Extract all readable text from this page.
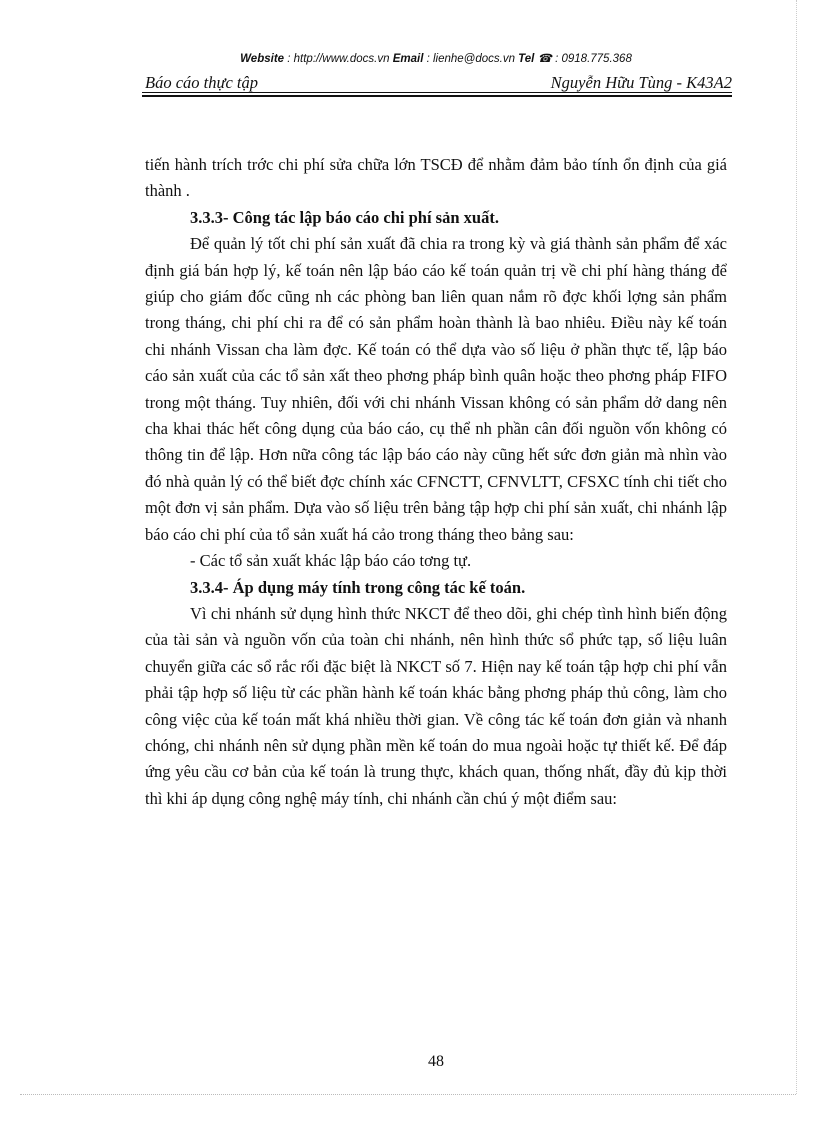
Website : http://www.docs.vn Email : lienhe@docs.vn Tel ☎ : 0918.775.368
Báo cáo thực tập	Nguyễn Hữu Tùng - K43A2

tiến hành trích trớc chi phí sửa chữa lớn TSCĐ để nhằm đảm bảo tính ổn định của giá thành .

3.3.3- Công tác lập báo cáo chi phí sản xuất.

Để quản lý tốt chi phí sản xuất đã chia ra trong kỳ và giá thành sản phẩm để xác định giá bán hợp lý, kế toán nên lập báo cáo kế toán quản trị về chi phí hàng tháng để giúp cho giám đốc cũng nh các phòng ban liên quan nắm rõ đợc khối lợng sản phẩm trong tháng, chi phí chi ra để có sản phẩm hoàn thành là bao nhiêu. Điều này kế toán chi nhánh Vissan cha làm đợc. Kế toán có thể dựa vào số liệu ở phần thực tế, lập báo cáo sản xuất của các tổ sản xất theo phơng pháp bình quân hoặc theo phơng pháp FIFO trong một tháng. Tuy nhiên, đối với chi nhánh Vissan không có sản phẩm dở dang nên cha khai thác hết công dụng của báo cáo, cụ thể nh phần cân đối nguồn vốn không có thông tin để lập. Hơn nữa công tác lập báo cáo này cũng hết sức đơn giản mà nhìn vào đó nhà quản lý có thể biết đợc chính xác CFNCTT, CFNVLTT, CFSXC tính chi tiết cho một đơn vị sản phẩm. Dựa vào số liệu trên bảng tập hợp chi phí sản xuất, chi nhánh lập báo cáo chi phí của tổ sản xuất há cảo trong tháng theo bảng sau:

- Các tổ sản xuất khác lập báo cáo tơng tự.

3.3.4- Áp dụng máy tính trong công tác kế toán.

Vì chi nhánh sử dụng hình thức NKCT để theo dõi, ghi chép tình hình biến động của tài sản và nguồn vốn của toàn chi nhánh, nên hình thức sổ phức tạp, số liệu luân chuyển giữa các sổ rắc rối đặc biệt là NKCT số 7. Hiện nay kế toán tập hợp chi phí vẫn phải tập hợp số liệu từ các phần hành kế toán khác bằng phơng pháp thủ công, làm cho công việc của kế toán mất khá nhiều thời gian. Về công tác kế toán đơn giản và nhanh chóng, chi nhánh nên sử dụng phần mền kế toán do mua ngoài hoặc tự thiết kế. Để đáp ứng yêu cầu cơ bản của kế toán là trung thực, khách quan, thống nhất, đầy đủ kịp thời thì khi áp dụng công nghệ máy tính, chi nhánh cần chú ý một điểm sau:

48
